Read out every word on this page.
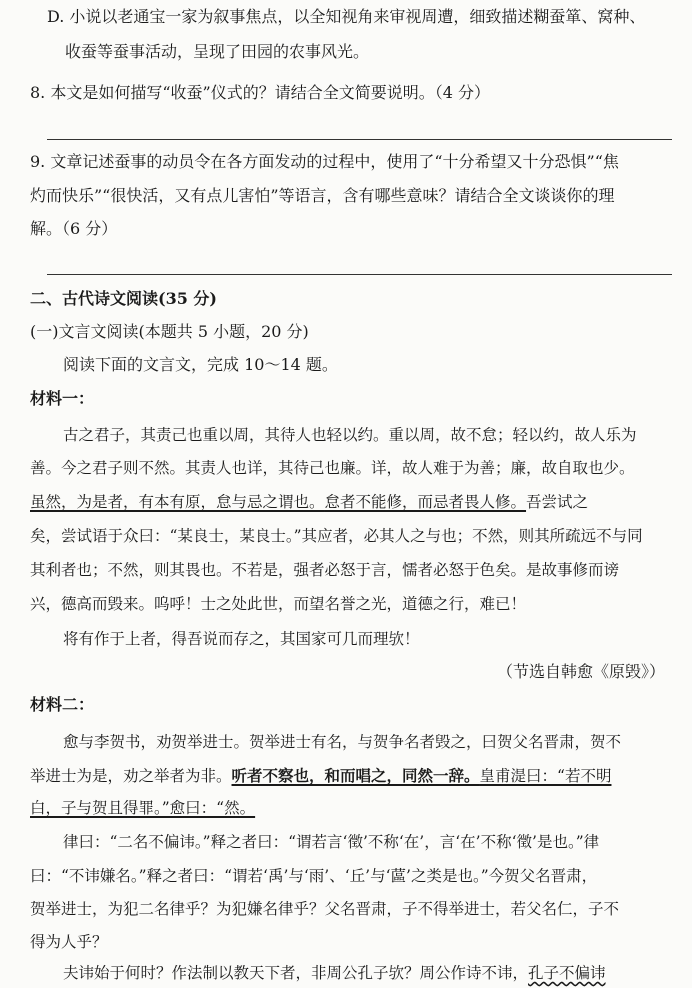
D. 小说以老通宝一家为叙事焦点，以全知视角来审视周遭，细致描述糊蚕箪、窝种、
收蚕等蚕事活动，呈现了田园的农事风光。
8. 本文是如何描写“收蚕”仪式的？请结合全文简要说明。（4 分）
9. 文章记述蚕事的动员令在各方面发动的过程中，使用了“十分希望又十分恐惧”“焦
灼而快乐”“很快活，又有点儿害怕”等语言，含有哪些意味？请结合全文谈谈你的理
解。（6 分）
二、古代诗文阅读(35 分)
(一)文言文阅读(本题共 5 小题，20 分)
阅读下面的文言文，完成 10～14 题。
材料一：
古之君子，其责己也重以周，其待人也轻以约。重以周，故不怠；轻以约，故人乐为
善。今之君子则不然。其责人也详，其待己也廉。详，故人难于为善；廉，故自取也少。
虽然，为是者，有本有原，怠与忌之谓也。怠者不能修，而忌者畏人修。吾尝试之
矣，尝试语于众曰：“某良士，某良士。”其应者，必其人之与也；不然，则其所疏远不与同
其利者也；不然，则其畏也。不若是，强者必怒于言，懦者必怒于色矣。是故事修而谤
兴，德高而毁来。呜呼！士之处此世，而望名誉之光，道德之行，难已！
将有作于上者，得吾说而存之，其国家可几而理欤！
（节选自韩愈《原毁》）
材料二：
愈与李贺书，劝贺举进士。贺举进士有名，与贺争名者毁之，曰贺父名晋肃，贺不
举进士为是，劝之举者为非。听者不察也，和而唱之，同然一辞。皇甫湜曰：“若不明
白，子与贺且得罪。”愈曰：“然。
律曰：“二名不偏讳。”释之者曰：“谓若言‘徵’不称‘在’，言‘在’不称‘徵’是也。”律
曰：“不讳嫌名。”释之者曰：“谓若‘禹’与‘雨’、‘丘’与‘蓲’之类是也。”今贺父名晋肃，
贺举进士，为犯二名律乎？为犯嫌名律乎？父名晋肃，子不得举进士，若父名仁，子不
得为人乎？
夫讳始于何时？作法制以教天下者，非周公孔子欤？周公作诗不讳，孔子不偏讳
